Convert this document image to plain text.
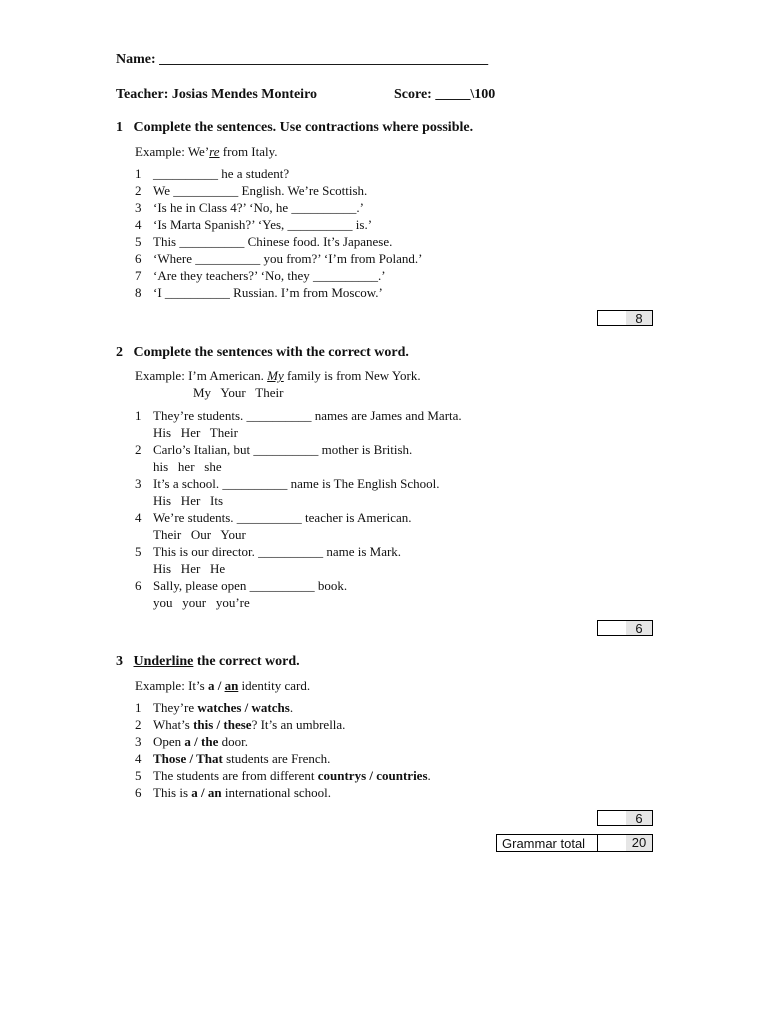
Name: _______________________________________________
Teacher: Josias Mendes Monteiro	Score: _____\100
1 Complete the sentences. Use contractions where possible.
Example: We’re from Italy.
1 __________ he a student?
2 We __________ English. We’re Scottish.
3 ‘Is he in Class 4?’ ‘No, he __________.’
4 ‘Is Marta Spanish?’ ‘Yes, __________ is.’
5 This __________ Chinese food. It’s Japanese.
6 ‘Where __________ you from?’ ‘I’m from Poland.’
7 ‘Are they teachers?’ ‘No, they __________.’
8 ‘I __________ Russian. I’m from Moscow.’
8
2 Complete the sentences with the correct word.
Example: I’m American. My family is from New York.
My   Your   Their
1 They’re students. __________ names are James and Marta.
His   Her   Their
2 Carlo’s Italian, but __________ mother is British.
his   her   she
3 It’s a school. __________ name is The English School.
His   Her   Its
4 We’re students. __________ teacher is American.
Their   Our   Your
5 This is our director. __________ name is Mark.
His   Her   He
6 Sally, please open __________ book.
you   your   you’re
6
3 Underline the correct word.
Example: It’s a / an identity card.
1 They’re watches / watchs.
2 What’s this / these? It’s an umbrella.
3 Open a / the door.
4 Those / That students are French.
5 The students are from different countrys / countries.
6 This is a / an international school.
6
Grammar total	20
